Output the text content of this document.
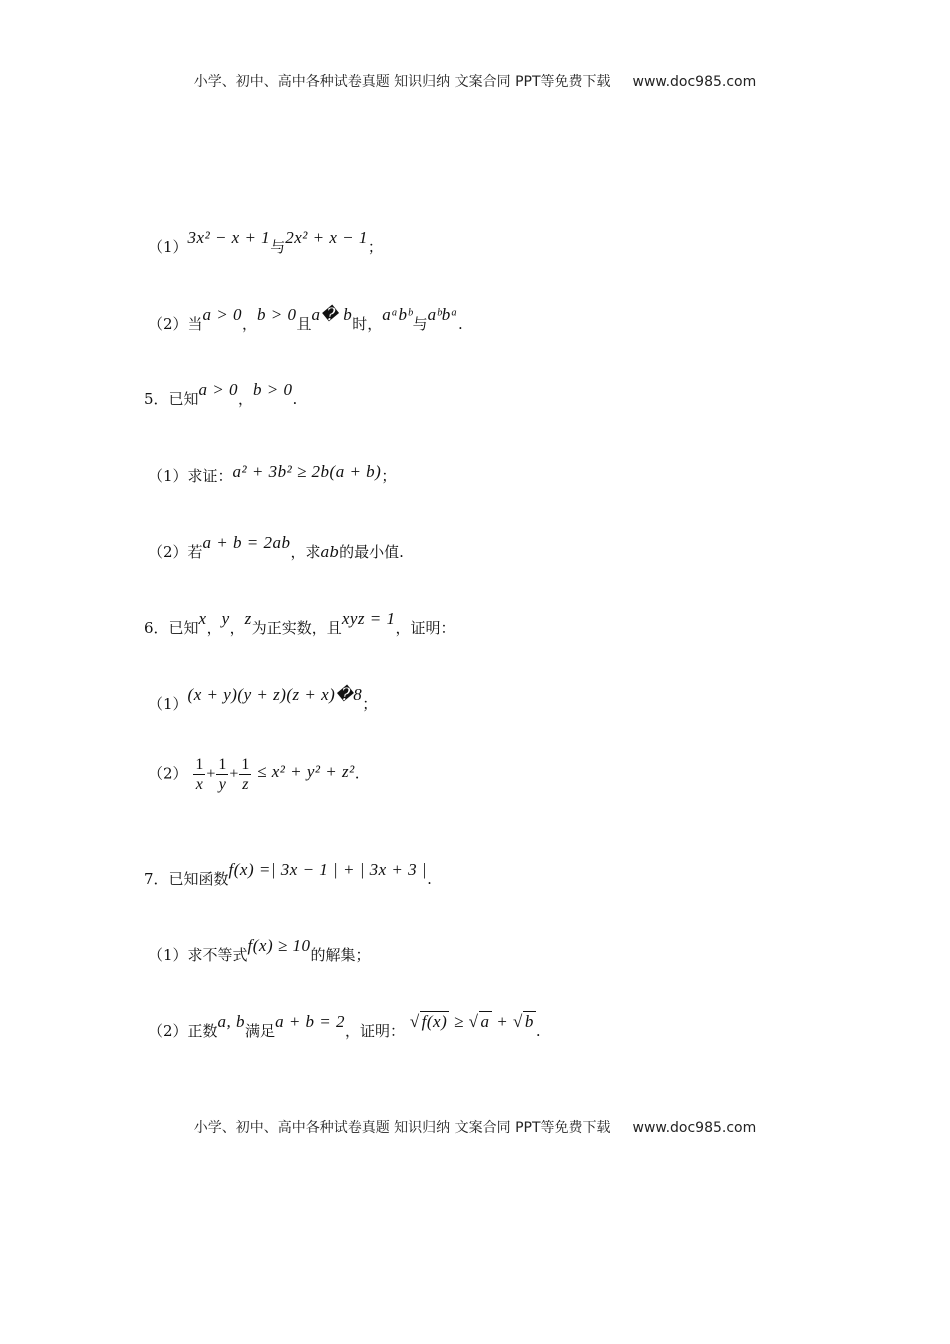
小学、初中、高中各种试卷真题 知识归纳 文案合同 PPT等免费下载 www.doc985.com
（1）3x² − x + 1与2x² + x − 1；
（2）当a > 0，b > 0且a� b时，aᵃbᵇ与aᵇbᵃ.
5．已知a > 0，b > 0.
（1）求证：a² + 3b² ≥ 2b(a + b)；
（2）若a + b = 2ab，求ab的最小值.
6．已知x，y，z为正实数，且xyz = 1，证明：
（1）(x + y)(y + z)(z + x)�8；
$(2) \frac{1}{x} + \frac{1}{y} + \frac{1}{z} \le x^2 + y^2 + z^2$.
7．已知函数f(x) =| 3x − 1 | + | 3x + 3 |.
（1）求不等式f(x) ≥ 10的解集；
（2）正数a, b满足a + b = 2，证明： √ f(x) ≥ √ a + √ b .
小学、初中、高中各种试卷真题 知识归纳 文案合同 PPT等免费下载 www.doc985.com
